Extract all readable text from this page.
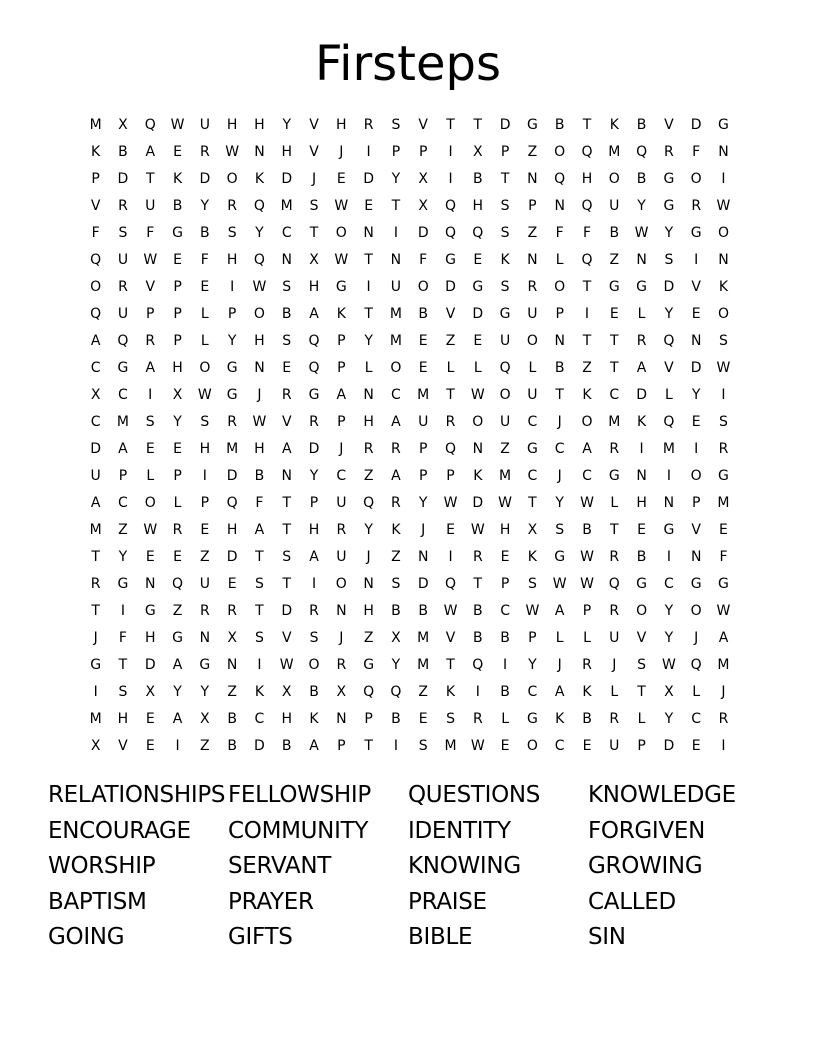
Firsteps
M	X	Q	W	U	H	H	Y	V	H	R	S	V	T	T	D	G	B	T	K	B	V	D	G
K	B	A	E	R	W	N	H	V	J	I	P	P	I	X	P	Z	O	Q	M	Q	R	F	N
P	D	T	K	D	O	K	D	J	E	D	Y	X	I	B	T	N	Q	H	O	B	G	O	I
V	R	U	B	Y	R	Q	M	S	W	E	T	X	Q	H	S	P	N	Q	U	Y	G	R	W
F	S	F	G	B	S	Y	C	T	O	N	I	D	Q	Q	S	Z	F	F	B	W	Y	G	O
Q	U	W	E	F	H	Q	N	X	W	T	N	F	G	E	K	N	L	Q	Z	N	S	I	N
O	R	V	P	E	I	W	S	H	G	I	U	O	D	G	S	R	O	T	G	G	D	V	K
Q	U	P	P	L	P	O	B	A	K	T	M	B	V	D	G	U	P	I	E	L	Y	E	O
A	Q	R	P	L	Y	H	S	Q	P	Y	M	E	Z	E	U	O	N	T	T	R	Q	N	S
C	G	A	H	O	G	N	E	Q	P	L	O	E	L	L	Q	L	B	Z	T	A	V	D	W
X	C	I	X	W	G	J	R	G	A	N	C	M	T	W	O	U	T	K	C	D	L	Y	I
C	M	S	Y	S	R	W	V	R	P	H	A	U	R	O	U	C	J	O	M	K	Q	E	S
D	A	E	E	H	M	H	A	D	J	R	R	P	Q	N	Z	G	C	A	R	I	M	I	R
U	P	L	P	I	D	B	N	Y	C	Z	A	P	P	K	M	C	J	C	G	N	I	O	G
A	C	O	L	P	Q	F	T	P	U	Q	R	Y	W	D	W	T	Y	W	L	H	N	P	M
M	Z	W	R	E	H	A	T	H	R	Y	K	J	E	W	H	X	S	B	T	E	G	V	E
T	Y	E	E	Z	D	T	S	A	U	J	Z	N	I	R	E	K	G	W	R	B	I	N	F
R	G	N	Q	U	E	S	T	I	O	N	S	D	Q	T	P	S	W W	Q	G	C	G	G
T	I	G	Z	R	R	T	D	R	N	H	B	B	W	B	C	W	A	P	R	O	Y	O	W
J	F	H	G	N	X	S	V	S	J	Z	X	M	V	B	B	P	L	L	U	V	Y	J	A
G	T	D	A	G	N	I	W	O	R	G	Y	M	T	Q	I	Y	J	R	J	S	W	Q	M
I	S	X	Y	Y	Z	K	X	B	X	Q	Q	Z	K	I	B	C	A	K	L	T	X	L	J
M	H	E	A	X	B	C	H	K	N	P	B	E	S	R	L	G	K	B	R	L	Y	C	R
X	V	E	I	Z	B	D	B	A	P	T	I	S	M	W	E	O	C	E	U	P	D	E	I
RELATIONSHIPS FELLOWSHIP	QUESTIONS	KNOWLEDGE
ENCOURAGE	COMMUNITY	IDENTITY	FORGIVEN
WORSHIP	SERVANT	KNOWING	GROWING
BAPTISM	PRAYER	PRAISE	CALLED
GOING	GIFTS	BIBLE	SIN
